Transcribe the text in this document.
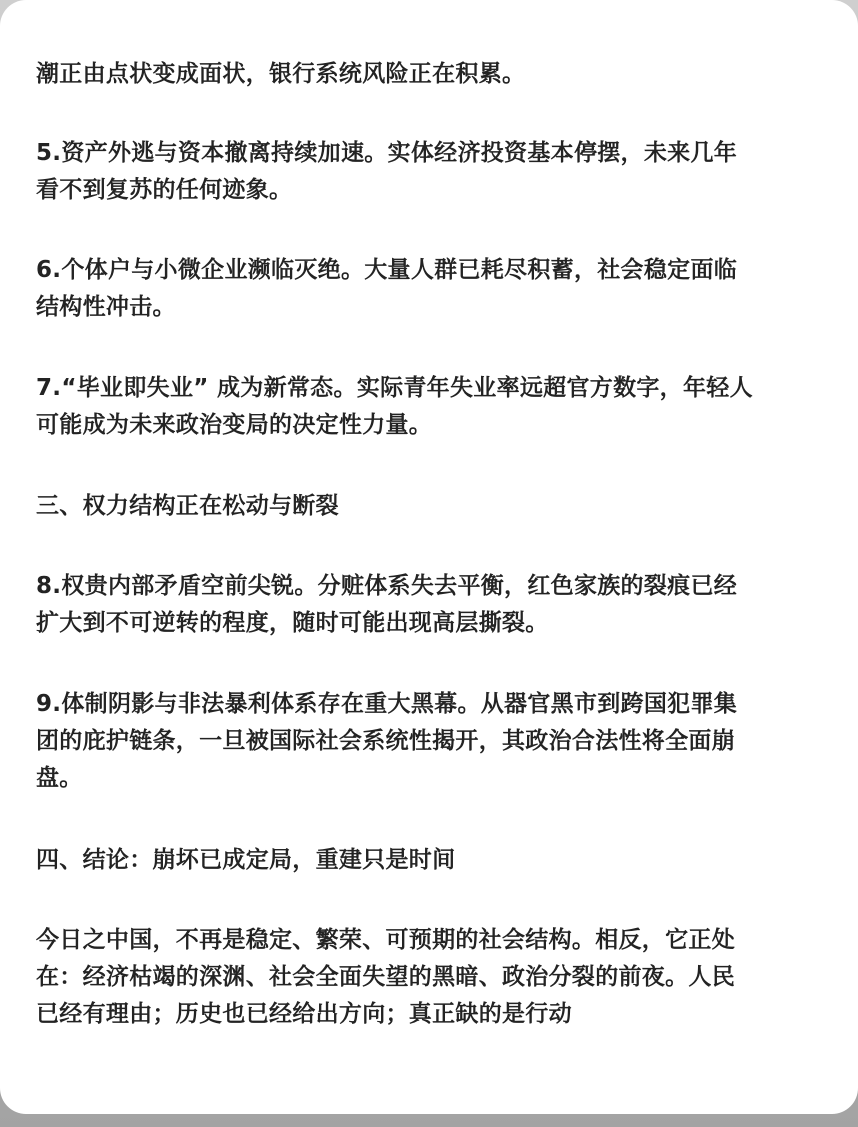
潮正由点状变成面状，银行系统风险正在积累。

5.资产外逃与资本撤离持续加速。实体经济投资基本停摆，未来几年
看不到复苏的任何迹象。

6.个体户与小微企业濒临灭绝。大量人群已耗尽积蓄，社会稳定面临
结构性冲击。

7.“毕业即失业” 成为新常态。实际青年失业率远超官方数字，年轻人
可能成为未来政治变局的决定性力量。

三、权力结构正在松动与断裂

8.权贵内部矛盾空前尖锐。分赃体系失去平衡，红色家族的裂痕已经
扩大到不可逆转的程度，随时可能出现高层撕裂。

9.体制阴影与非法暴利体系存在重大黑幕。从器官黑市到跨国犯罪集
团的庇护链条，一旦被国际社会系统性揭开，其政治合法性将全面崩
盘。

四、结论：崩坏已成定局，重建只是时间

今日之中国，不再是稳定、繁荣、可预期的社会结构。相反，它正处
在：经济枯竭的深渊、社会全面失望的黑暗、政治分裂的前夜。人民
已经有理由；历史也已经给出方向；真正缺的是行动
